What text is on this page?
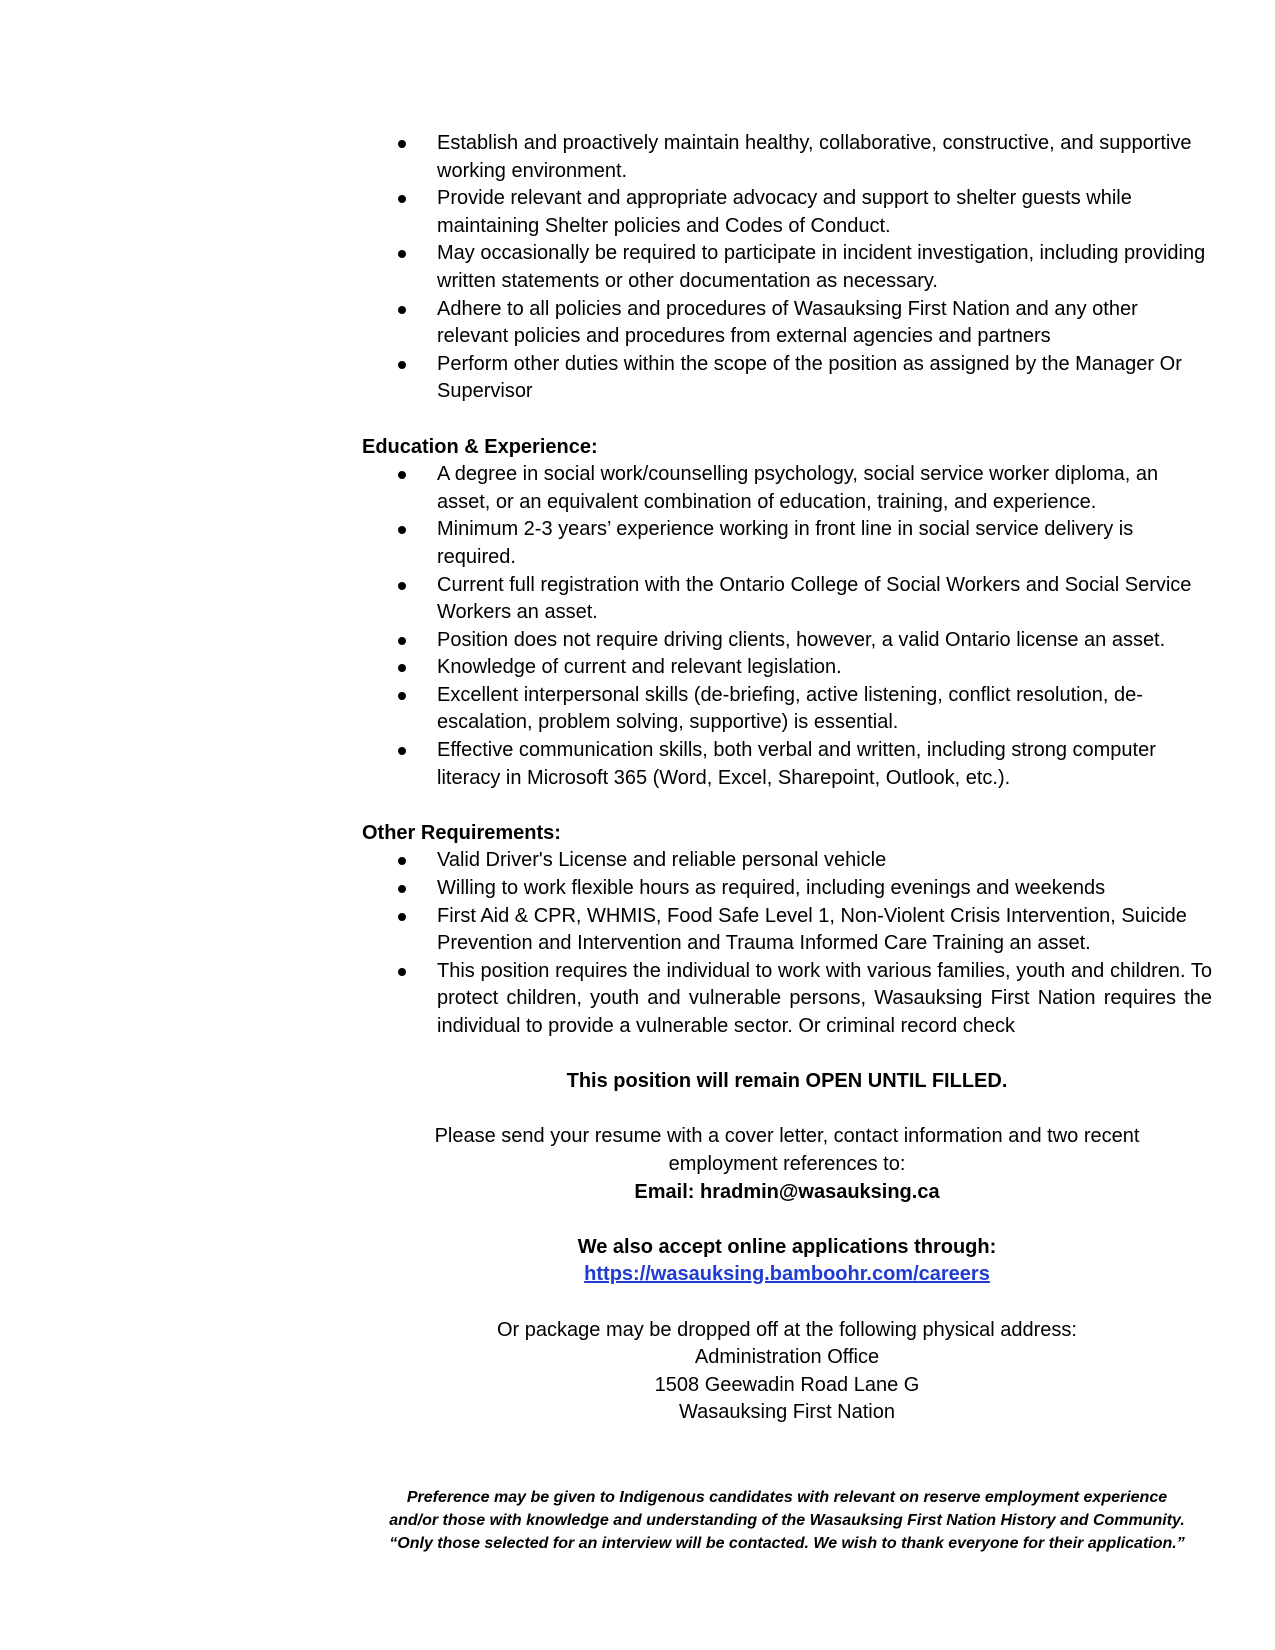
Establish and proactively maintain healthy, collaborative, constructive, and supportive working environment.
Provide relevant and appropriate advocacy and support to shelter guests while maintaining Shelter policies and Codes of Conduct.
May occasionally be required to participate in incident investigation, including providing written statements or other documentation as necessary.
Adhere to all policies and procedures of Wasauksing First Nation and any other relevant policies and procedures from external agencies and partners
Perform other duties within the scope of the position as assigned by the Manager Or Supervisor

Education & Experience:

A degree in social work/counselling psychology, social service worker diploma, an asset, or an equivalent combination of education, training, and experience.
Minimum 2-3 years’ experience working in front line in social service delivery is required.
Current full registration with the Ontario College of Social Workers and Social Service Workers an asset.
Position does not require driving clients, however, a valid Ontario license an asset.
Knowledge of current and relevant legislation.
Excellent interpersonal skills (de-briefing, active listening, conflict resolution, de-escalation, problem solving, supportive) is essential.
Effective communication skills, both verbal and written, including strong computer literacy in Microsoft 365 (Word, Excel, Sharepoint, Outlook, etc.).

Other Requirements:

Valid Driver's License and reliable personal vehicle
Willing to work flexible hours as required, including evenings and weekends
First Aid & CPR, WHMIS, Food Safe Level 1, Non-Violent Crisis Intervention, Suicide Prevention and Intervention and Trauma Informed Care Training an asset.
This position requires the individual to work with various families, youth and children. To protect children, youth and vulnerable persons, Wasauksing First Nation requires the individual to provide a vulnerable sector. Or criminal record check

This position will remain OPEN UNTIL FILLED.

Please send your resume with a cover letter, contact information and two recent

employment references to:

Email: hradmin@wasauksing.ca

We also accept online applications through:

https://wasauksing.bamboohr.com/careers

Or package may be dropped off at the following physical address:

Administration Office

1508 Geewadin Road Lane G

Wasauksing First Nation

Preference may be given to Indigenous candidates with relevant on reserve employment experience
and/or those with knowledge and understanding of the Wasauksing First Nation History and Community.
“Only those selected for an interview will be contacted. We wish to thank everyone for their application.”
